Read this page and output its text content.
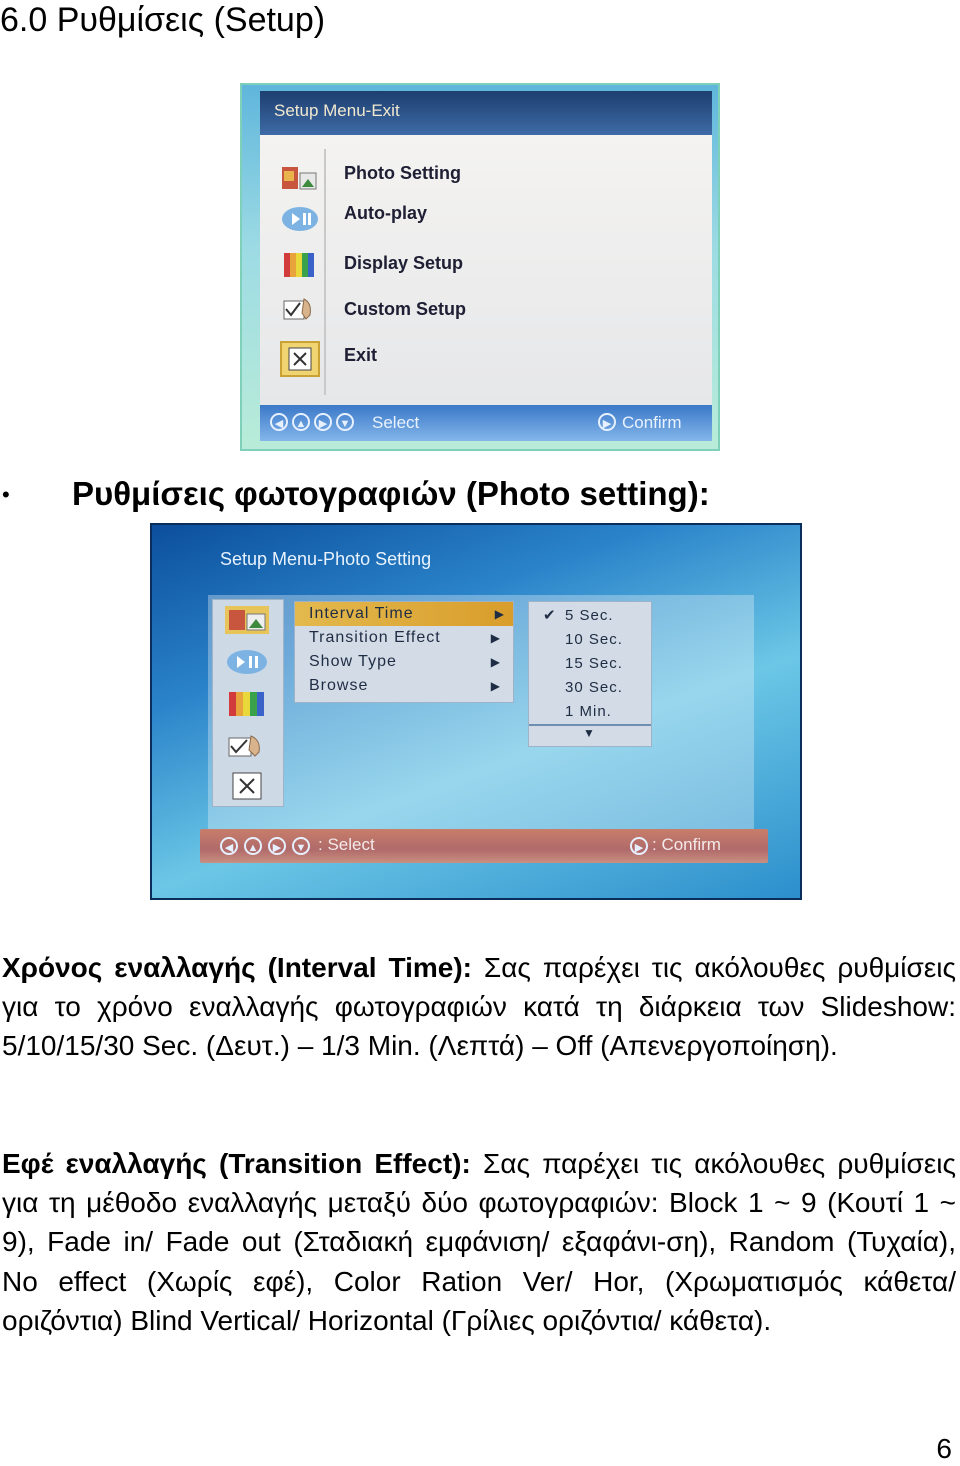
6.0 Ρυθμίσεις (Setup)
Setup Menu-Exit
Photo Setting
Auto-play
Display Setup
Custom Setup
Exit
◀	▲	▶	▼ Select	▶ Confirm
• Ρυθμίσεις φωτογραφιών (Photo setting):
Setup Menu-Photo Setting
Interval Time	▶
Transition Effect	▶
Show Type	▶
Browse	▶
✔ 5 Sec.
10 Sec.
15 Sec.
30 Sec.
1 Min.
▼
◀	▲	▶	▼ : Select	▶ : Confirm
Χρόνος εναλλαγής (Interval Time): Σας παρέχει τις ακόλουθες ρυθμίσεις για το χρόνο εναλλαγής φωτογραφιών κατά τη διάρκεια των Slideshow: 5/10/15/30 Sec. (Δευτ.) – 1/3 Min. (Λεπτά) – Off (Απενεργοποίηση).
Εφέ εναλλαγής (Transition Effect): Σας παρέχει τις ακόλουθες ρυθμίσεις για τη μέθοδο εναλλαγής μεταξύ δύο φωτογραφιών: Block 1 ~ 9 (Κουτί 1 ~ 9), Fade in/ Fade out (Σταδιακή εμφάνιση/ εξαφάνι-ση), Random (Τυχαία), No effect (Χωρίς εφέ), Color Ration Ver/ Hor, (Χρωματισμός κάθετα/ οριζόντια) Blind Vertical/ Horizontal (Γρίλιες οριζόντια/ κάθετα).
6
